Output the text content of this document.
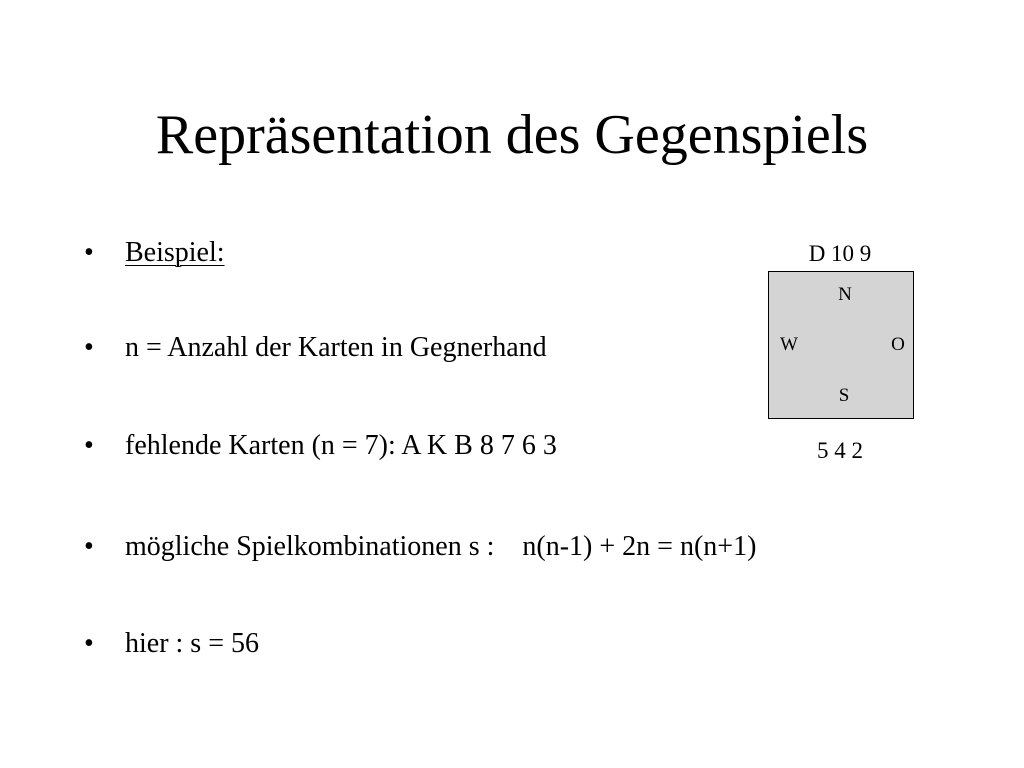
Repräsentation des Gegenspiels
•	Beispiel:
•	n = Anzahl der Karten in Gegnerhand
•	fehlende Karten (n = 7): A K B 8 7 6 3
•	mögliche Spielkombinationen s : n(n-1) + 2n = n(n+1)
•	hier : s = 56
D 10 9
N
W	O
S
5 4 2
